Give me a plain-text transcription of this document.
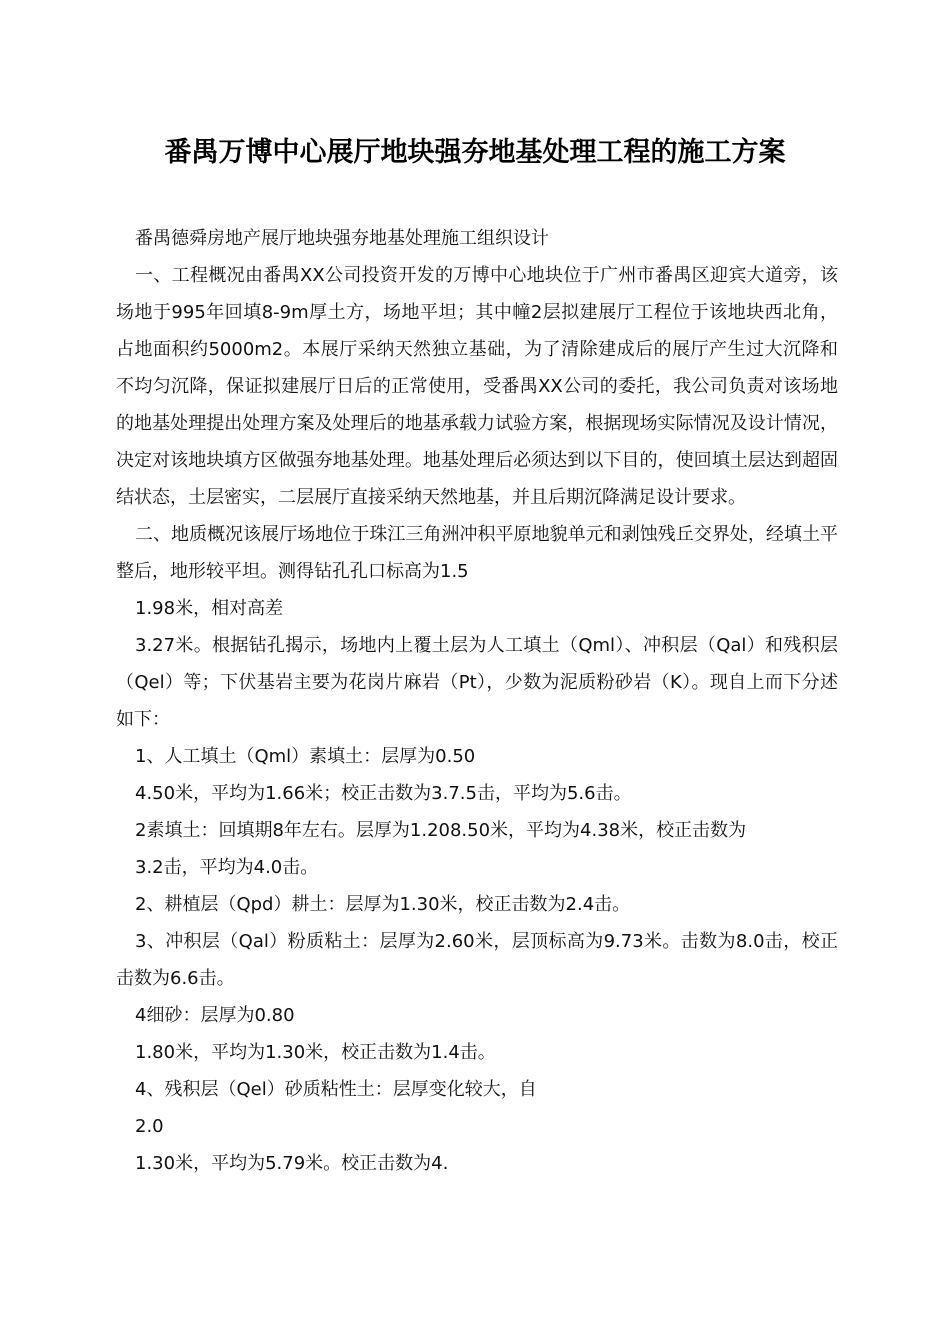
番禺万博中心展厅地块强夯地基处理工程的施工方案

番禺德舜房地产展厅地块强夯地基处理施工组织设计

一、工程概况由番禺XX公司投资开发的万博中心地块位于广州市番禺区迎宾大道旁，该场地于995年回填8-9m厚土方，场地平坦；其中幢2层拟建展厅工程位于该地块西北角，占地面积约5000m2。本展厅采纳天然独立基础，为了清除建成后的展厅产生过大沉降和不均匀沉降，保证拟建展厅日后的正常使用，受番禺XX公司的委托，我公司负责对该场地的地基处理提出处理方案及处理后的地基承载力试验方案，根据现场实际情况及设计情况，决定对该地块填方区做强夯地基处理。地基处理后必须达到以下目的，使回填土层达到超固结状态，土层密实，二层展厅直接采纳天然地基，并且后期沉降满足设计要求。

二、地质概况该展厅场地位于珠江三角洲冲积平原地貌单元和剥蚀残丘交界处，经填土平整后，地形较平坦。测得钻孔孔口标高为1.5

1.98米，相对高差

3.27米。根据钻孔揭示，场地内上覆土层为人工填土（Qml）、冲积层（Qal）和残积层（Qel）等；下伏基岩主要为花岗片麻岩（Pt），少数为泥质粉砂岩（K）。现自上而下分述如下：

1、人工填土（Qml）素填土：层厚为0.50

4.50米，平均为1.66米；校正击数为3.7.5击，平均为5.6击。

2素填土：回填期8年左右。层厚为1.208.50米，平均为4.38米，校正击数为

3.2击，平均为4.0击。

2、耕植层（Qpd）耕土：层厚为1.30米，校正击数为2.4击。

3、冲积层（Qal）粉质粘土：层厚为2.60米，层顶标高为9.73米。击数为8.0击，校正击数为6.6击。

4细砂：层厚为0.80

1.80米，平均为1.30米，校正击数为1.4击。

4、残积层（Qel）砂质粘性土：层厚变化较大，自

2.0

1.30米，平均为5.79米。校正击数为4.
